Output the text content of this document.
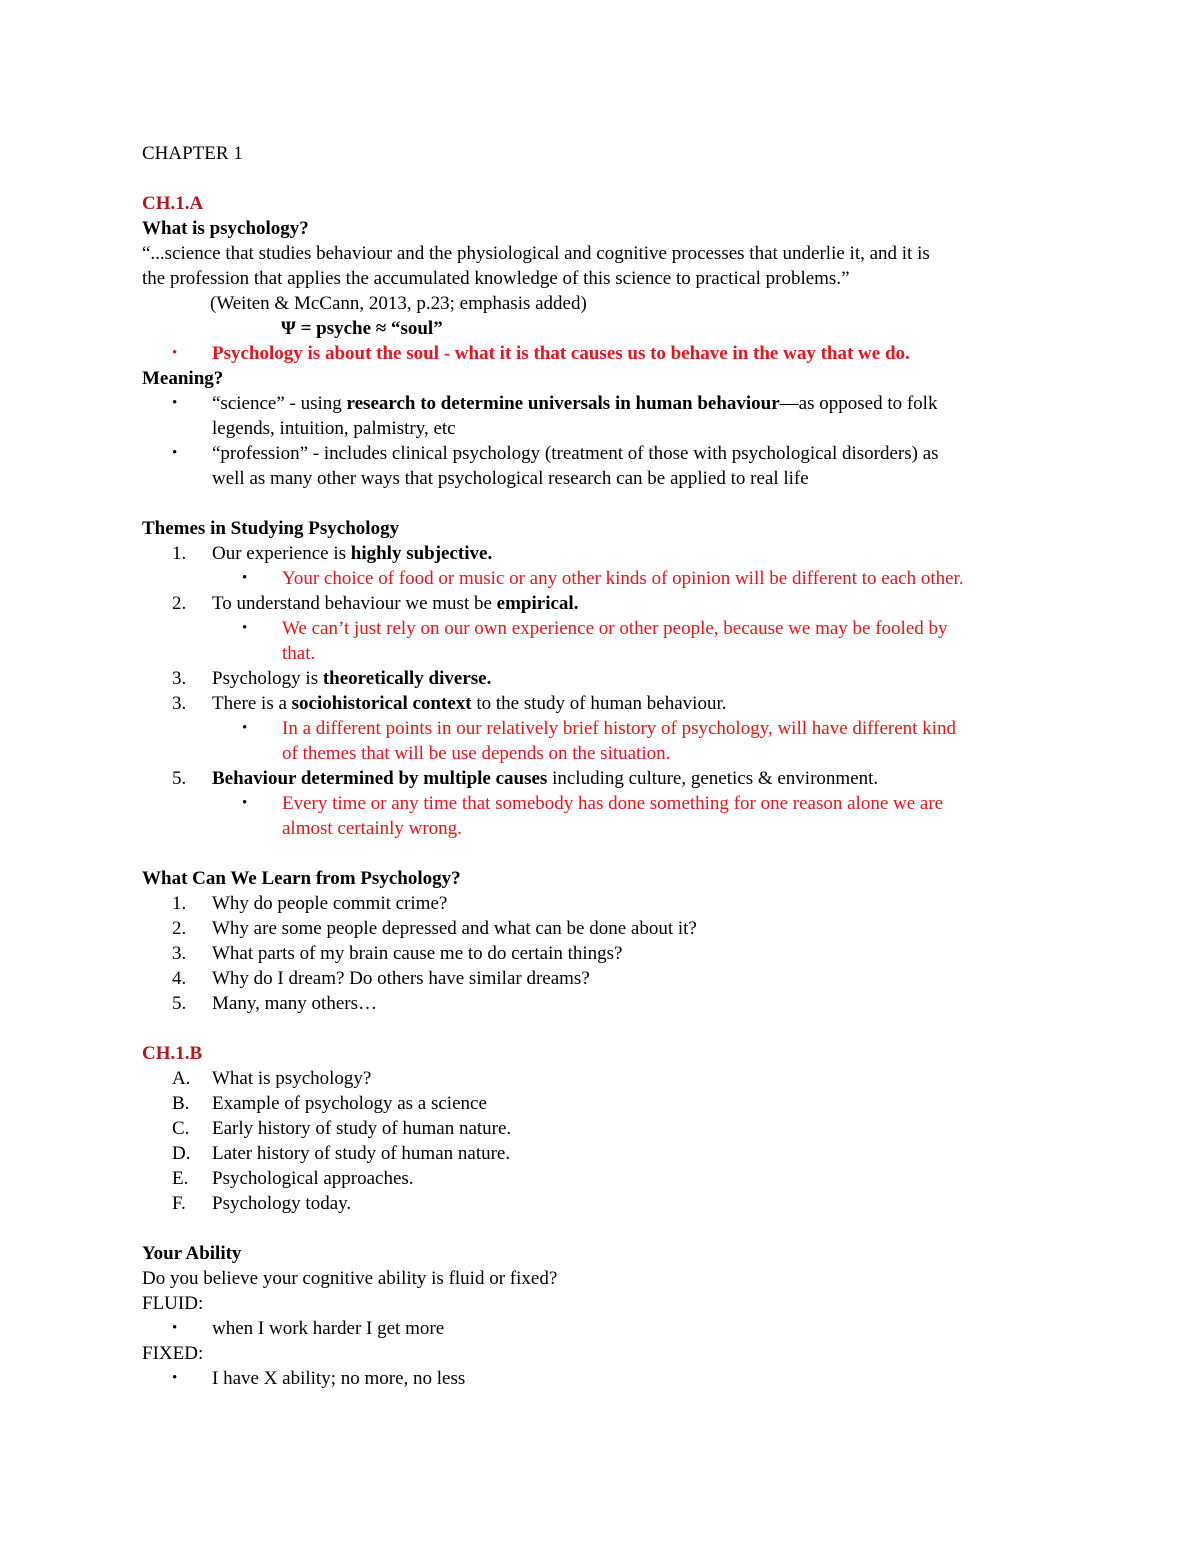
CHAPTER 1
CH.1.A
What is psychology?
“...science that studies behaviour and the physiological and cognitive processes that underlie it, and it is
the profession that applies the accumulated knowledge of this science to practical problems.”
(Weiten & McCann, 2013, p.23; emphasis added)
Ψ = psyche ≈ “soul”
• Psychology is about the soul - what it is that causes us to behave in the way that we do.
Meaning?
• “science” - using research to determine universals in human behaviour—as opposed to folk
legends, intuition, palmistry, etc
• “profession” - includes clinical psychology (treatment of those with psychological disorders) as
well as many other ways that psychological research can be applied to real life
Themes in Studying Psychology
1. Our experience is highly subjective.
• Your choice of food or music or any other kinds of opinion will be different to each other.
2. To understand behaviour we must be empirical.
• We can’t just rely on our own experience or other people, because we may be fooled by
that.
3. Psychology is theoretically diverse.
3. There is a sociohistorical context to the study of human behaviour.
• In a different points in our relatively brief history of psychology, will have different kind
of themes that will be use depends on the situation.
5. Behaviour determined by multiple causes including culture, genetics & environment.
• Every time or any time that somebody has done something for one reason alone we are
almost certainly wrong.
What Can We Learn from Psychology?
1. Why do people commit crime?
2. Why are some people depressed and what can be done about it?
3. What parts of my brain cause me to do certain things?
4. Why do I dream? Do others have similar dreams?
5. Many, many others…
CH.1.B
A. What is psychology?
B. Example of psychology as a science
C. Early history of study of human nature.
D. Later history of study of human nature.
E. Psychological approaches.
F. Psychology today.
Your Ability
Do you believe your cognitive ability is fluid or fixed?
FLUID:
• when I work harder I get more
FIXED:
• I have X ability; no more, no less
